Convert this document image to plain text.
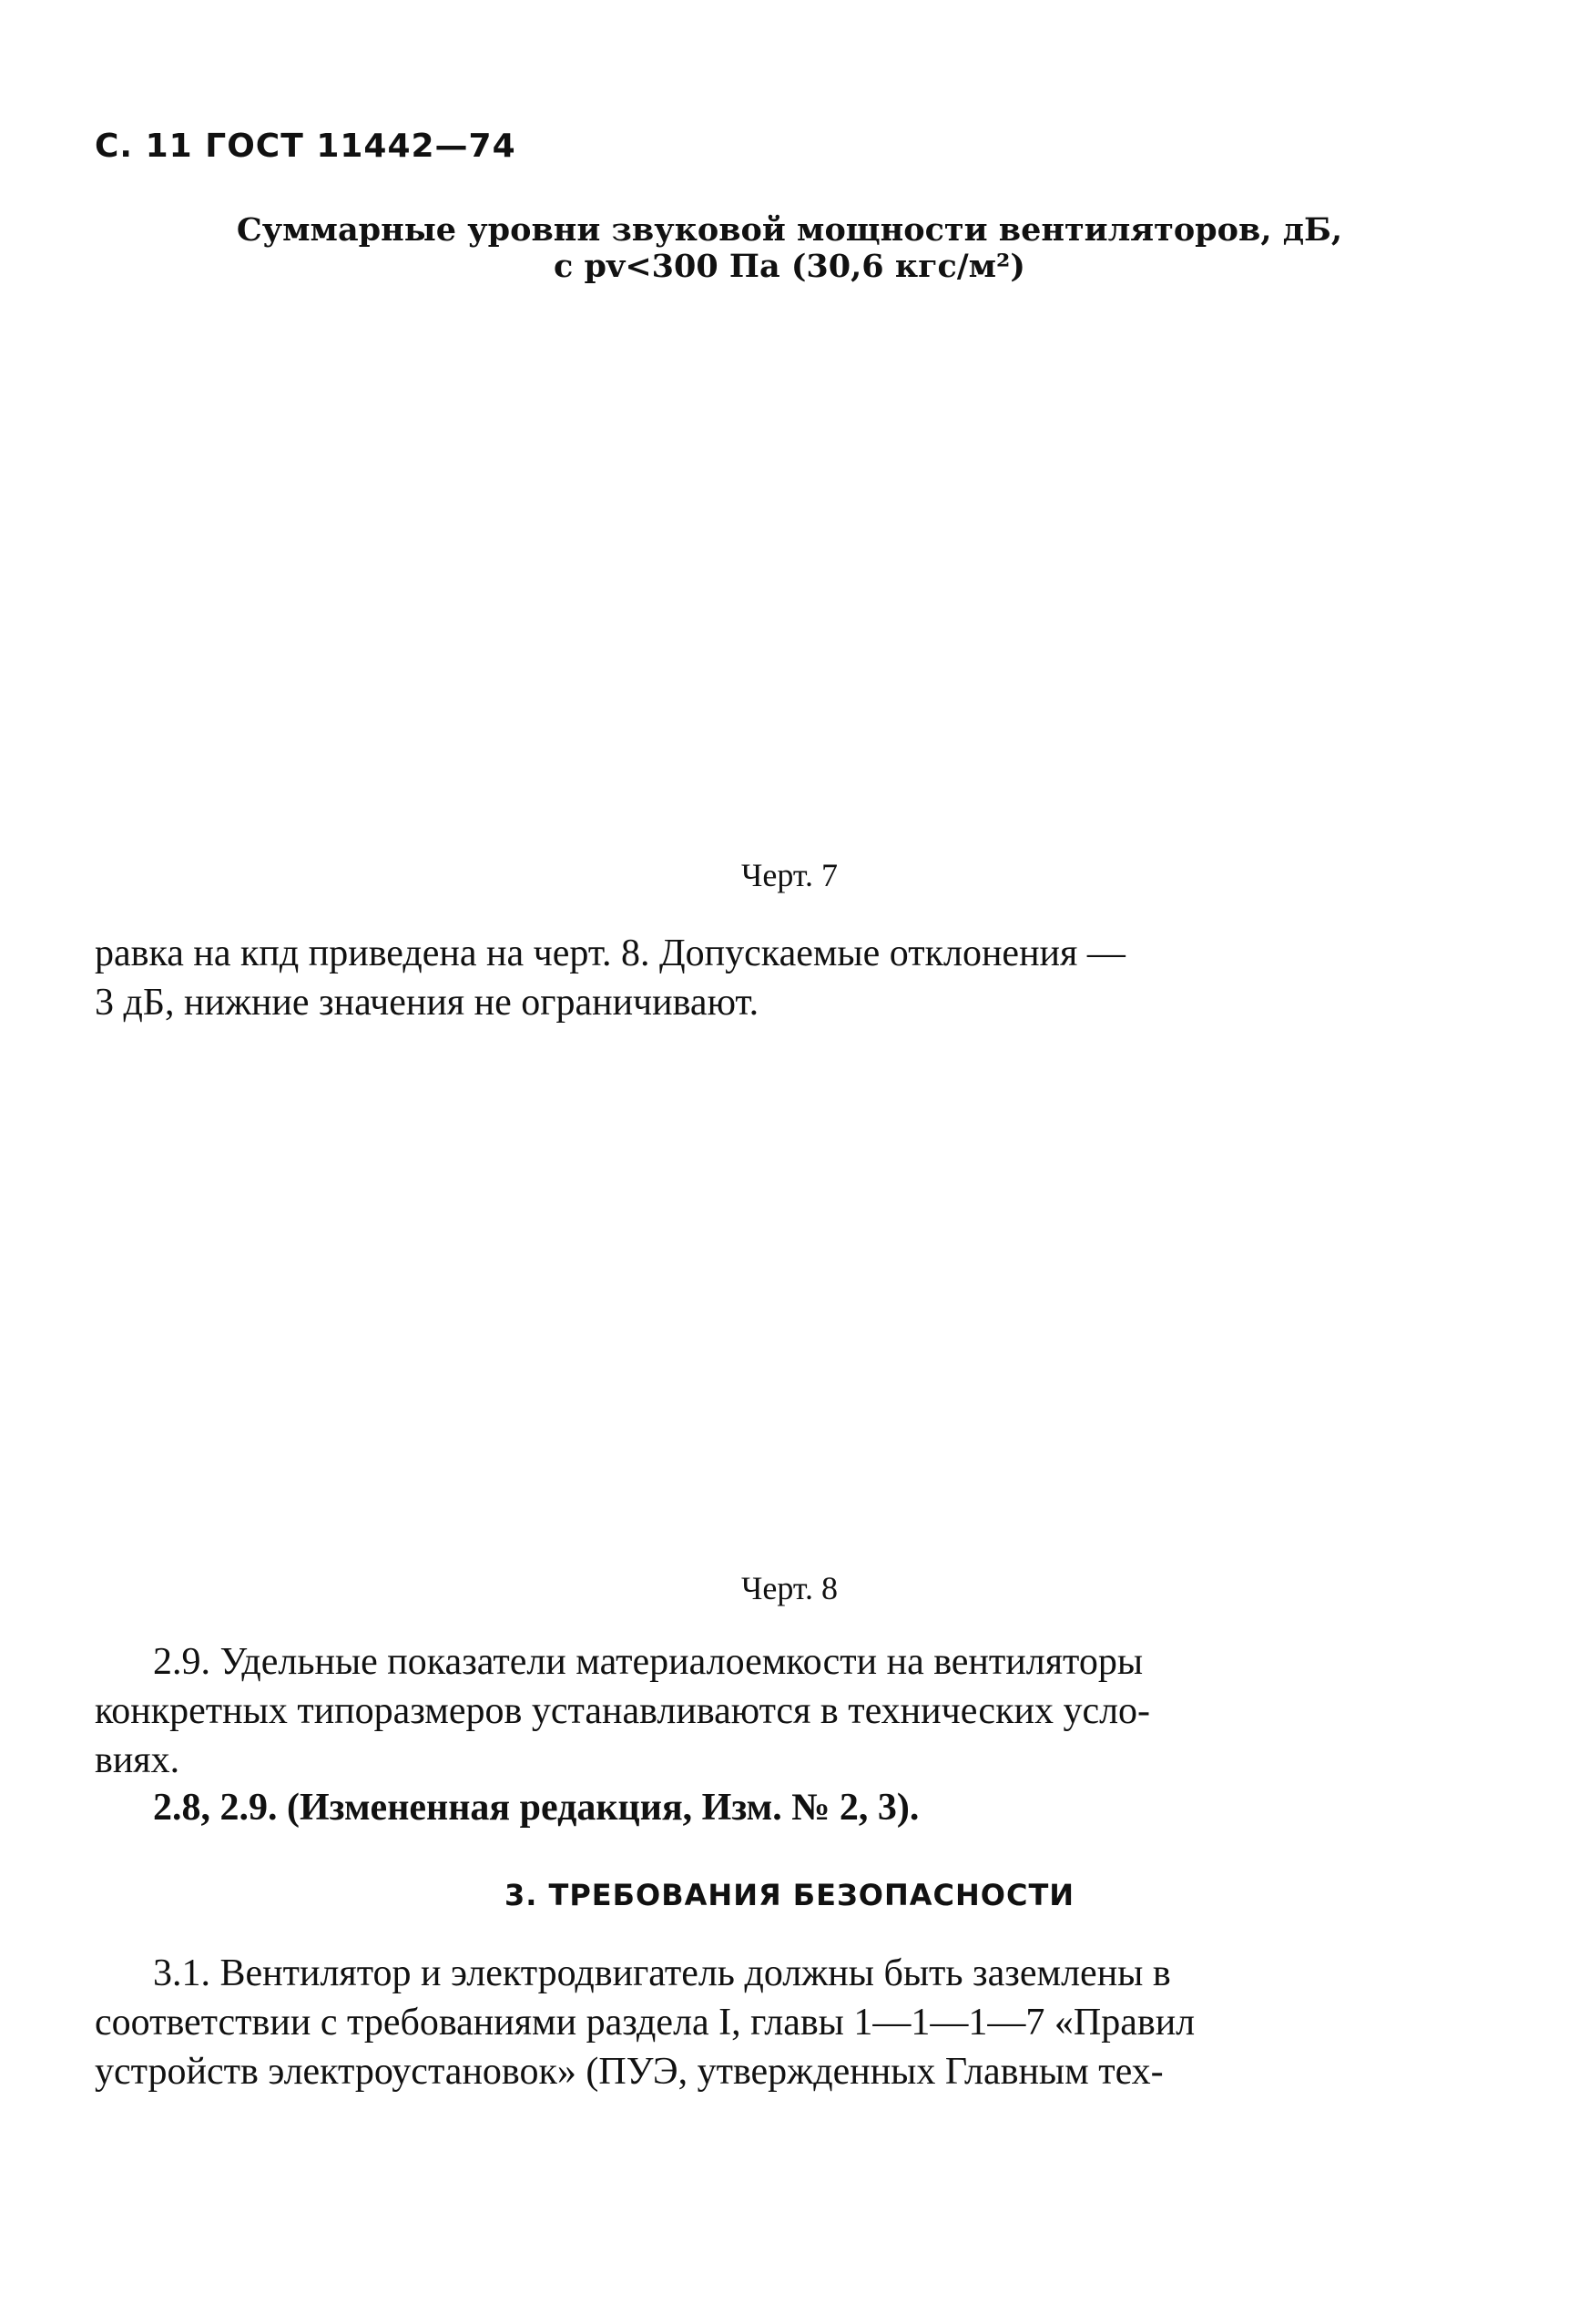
С. 11 ГОСТ 11442—74
Суммарные уровни звуковой мощности вентиляторов, дБ,
с pv<300 Па (30,6 кгс/м²)
Черт. 7
равка на кпд приведена на черт. 8. Допускаемые отклонения —
3 дБ, нижние значения не ограничивают.
Черт. 8
2.9. Удельные показатели материалоемкости на вентиляторы
конкретных типоразмеров устанавливаются в технических усло-
виях.
2.8, 2.9. (Измененная редакция, Изм. № 2, 3).
3. ТРЕБОВАНИЯ БЕЗОПАСНОСТИ
3.1. Вентилятор и электродвигатель должны быть заземлены в
соответствии с требованиями раздела I, главы 1—1—1—7 «Правил
устройств электроустановок» (ПУЭ, утвержденных Главным тех-
